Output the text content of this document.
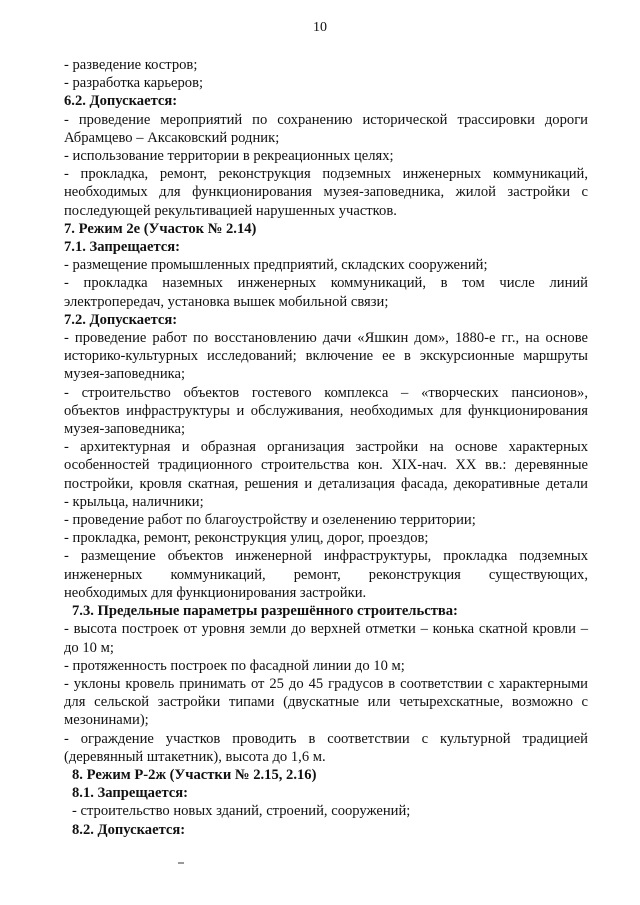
10

- разведение костров;

- разработка карьеров;

6.2. Допускается:

- проведение мероприятий по сохранению исторической трассировки дороги

Абрамцево – Аксаковский родник;

- использование территории в рекреационных целях;

- прокладка, ремонт, реконструкция подземных инженерных коммуникаций,

необходимых для функционирования музея-заповедника, жилой застройки с

последующей рекультивацией нарушенных участков.

7. Режим 2е (Участок № 2.14)

7.1. Запрещается:

- размещение промышленных предприятий, складских сооружений;

- прокладка наземных инженерных коммуникаций, в том числе линий

электропередач, установка вышек мобильной связи;

7.2. Допускается:

- проведение работ по восстановлению дачи «Яшкин дом», 1880-е гг., на основе

историко-культурных исследований; включение ее в экскурсионные маршруты

музея-заповедника;

- строительство объектов гостевого комплекса – «творческих пансионов»,

объектов инфраструктуры и обслуживания, необходимых для функционирования

музея-заповедника;

- архитектурная и образная организация застройки на основе характерных

особенностей традиционного строительства кон. XIX-нач. XX вв.: деревянные

постройки, кровля скатная, решения и детализация фасада, декоративные детали

- крыльца, наличники;

- проведение работ по благоустройству и озеленению территории;

- прокладка, ремонт, реконструкция улиц, дорог, проездов;

- размещение объектов инженерной инфраструктуры, прокладка подземных

инженерных коммуникаций, ремонт, реконструкция существующих,

необходимых для функционирования застройки.

7.3. Предельные параметры разрешённого строительства:

- высота построек от уровня земли до верхней отметки – конька скатной кровли –

до 10 м;

- протяженность построек по фасадной линии до 10 м;

- уклоны кровель принимать от 25 до 45 градусов в соответствии с характерными

для сельской застройки типами (двускатные или четырехскатные, возможно с

мезонинами);

- ограждение участков проводить в соответствии с культурной традицией

(деревянный штакетник), высота до 1,6 м.

8. Режим Р-2ж (Участки № 2.15, 2.16)

8.1. Запрещается:

- строительство новых зданий, строений, сооружений;

8.2. Допускается:
